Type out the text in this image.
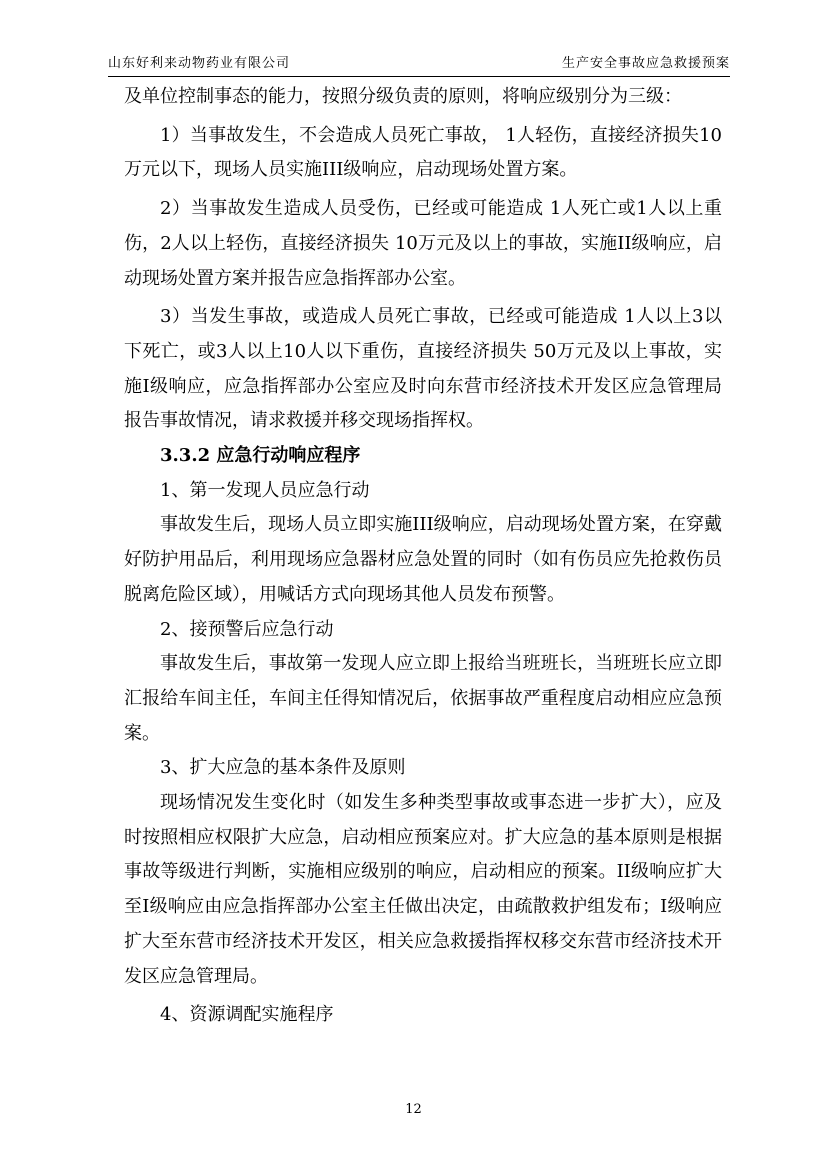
山东好利来动物药业有限公司	生产安全事故应急救援预案

及单位控制事态的能力，按照分级负责的原则，将响应级别分为三级：

1）当事故发生，不会造成人员死亡事故， 1人轻伤，直接经济损失10万元以下，现场人员实施III级响应，启动现场处置方案。

2）当事故发生造成人员受伤，已经或可能造成 1人死亡或1人以上重伤，2人以上轻伤，直接经济损失 10万元及以上的事故，实施II级响应，启动现场处置方案并报告应急指挥部办公室。

3）当发生事故，或造成人员死亡事故，已经或可能造成 1人以上3以下死亡，或3人以上10人以下重伤，直接经济损失 50万元及以上事故，实施I级响应，应急指挥部办公室应及时向东营市经济技术开发区应急管理局报告事故情况，请求救援并移交现场指挥权。

3.3.2 应急行动响应程序

1、第一发现人员应急行动

事故发生后，现场人员立即实施III级响应，启动现场处置方案，在穿戴好防护用品后，利用现场应急器材应急处置的同时（如有伤员应先抢救伤员脱离危险区域），用喊话方式向现场其他人员发布预警。

2、接预警后应急行动

事故发生后，事故第一发现人应立即上报给当班班长，当班班长应立即汇报给车间主任，车间主任得知情况后，依据事故严重程度启动相应应急预案。

3、扩大应急的基本条件及原则

现场情况发生变化时（如发生多种类型事故或事态进一步扩大），应及时按照相应权限扩大应急，启动相应预案应对。扩大应急的基本原则是根据事故等级进行判断，实施相应级别的响应，启动相应的预案。II级响应扩大至I级响应由应急指挥部办公室主任做出决定，由疏散救护组发布；I级响应扩大至东营市经济技术开发区，相关应急救援指挥权移交东营市经济技术开发区应急管理局。

4、资源调配实施程序

12
